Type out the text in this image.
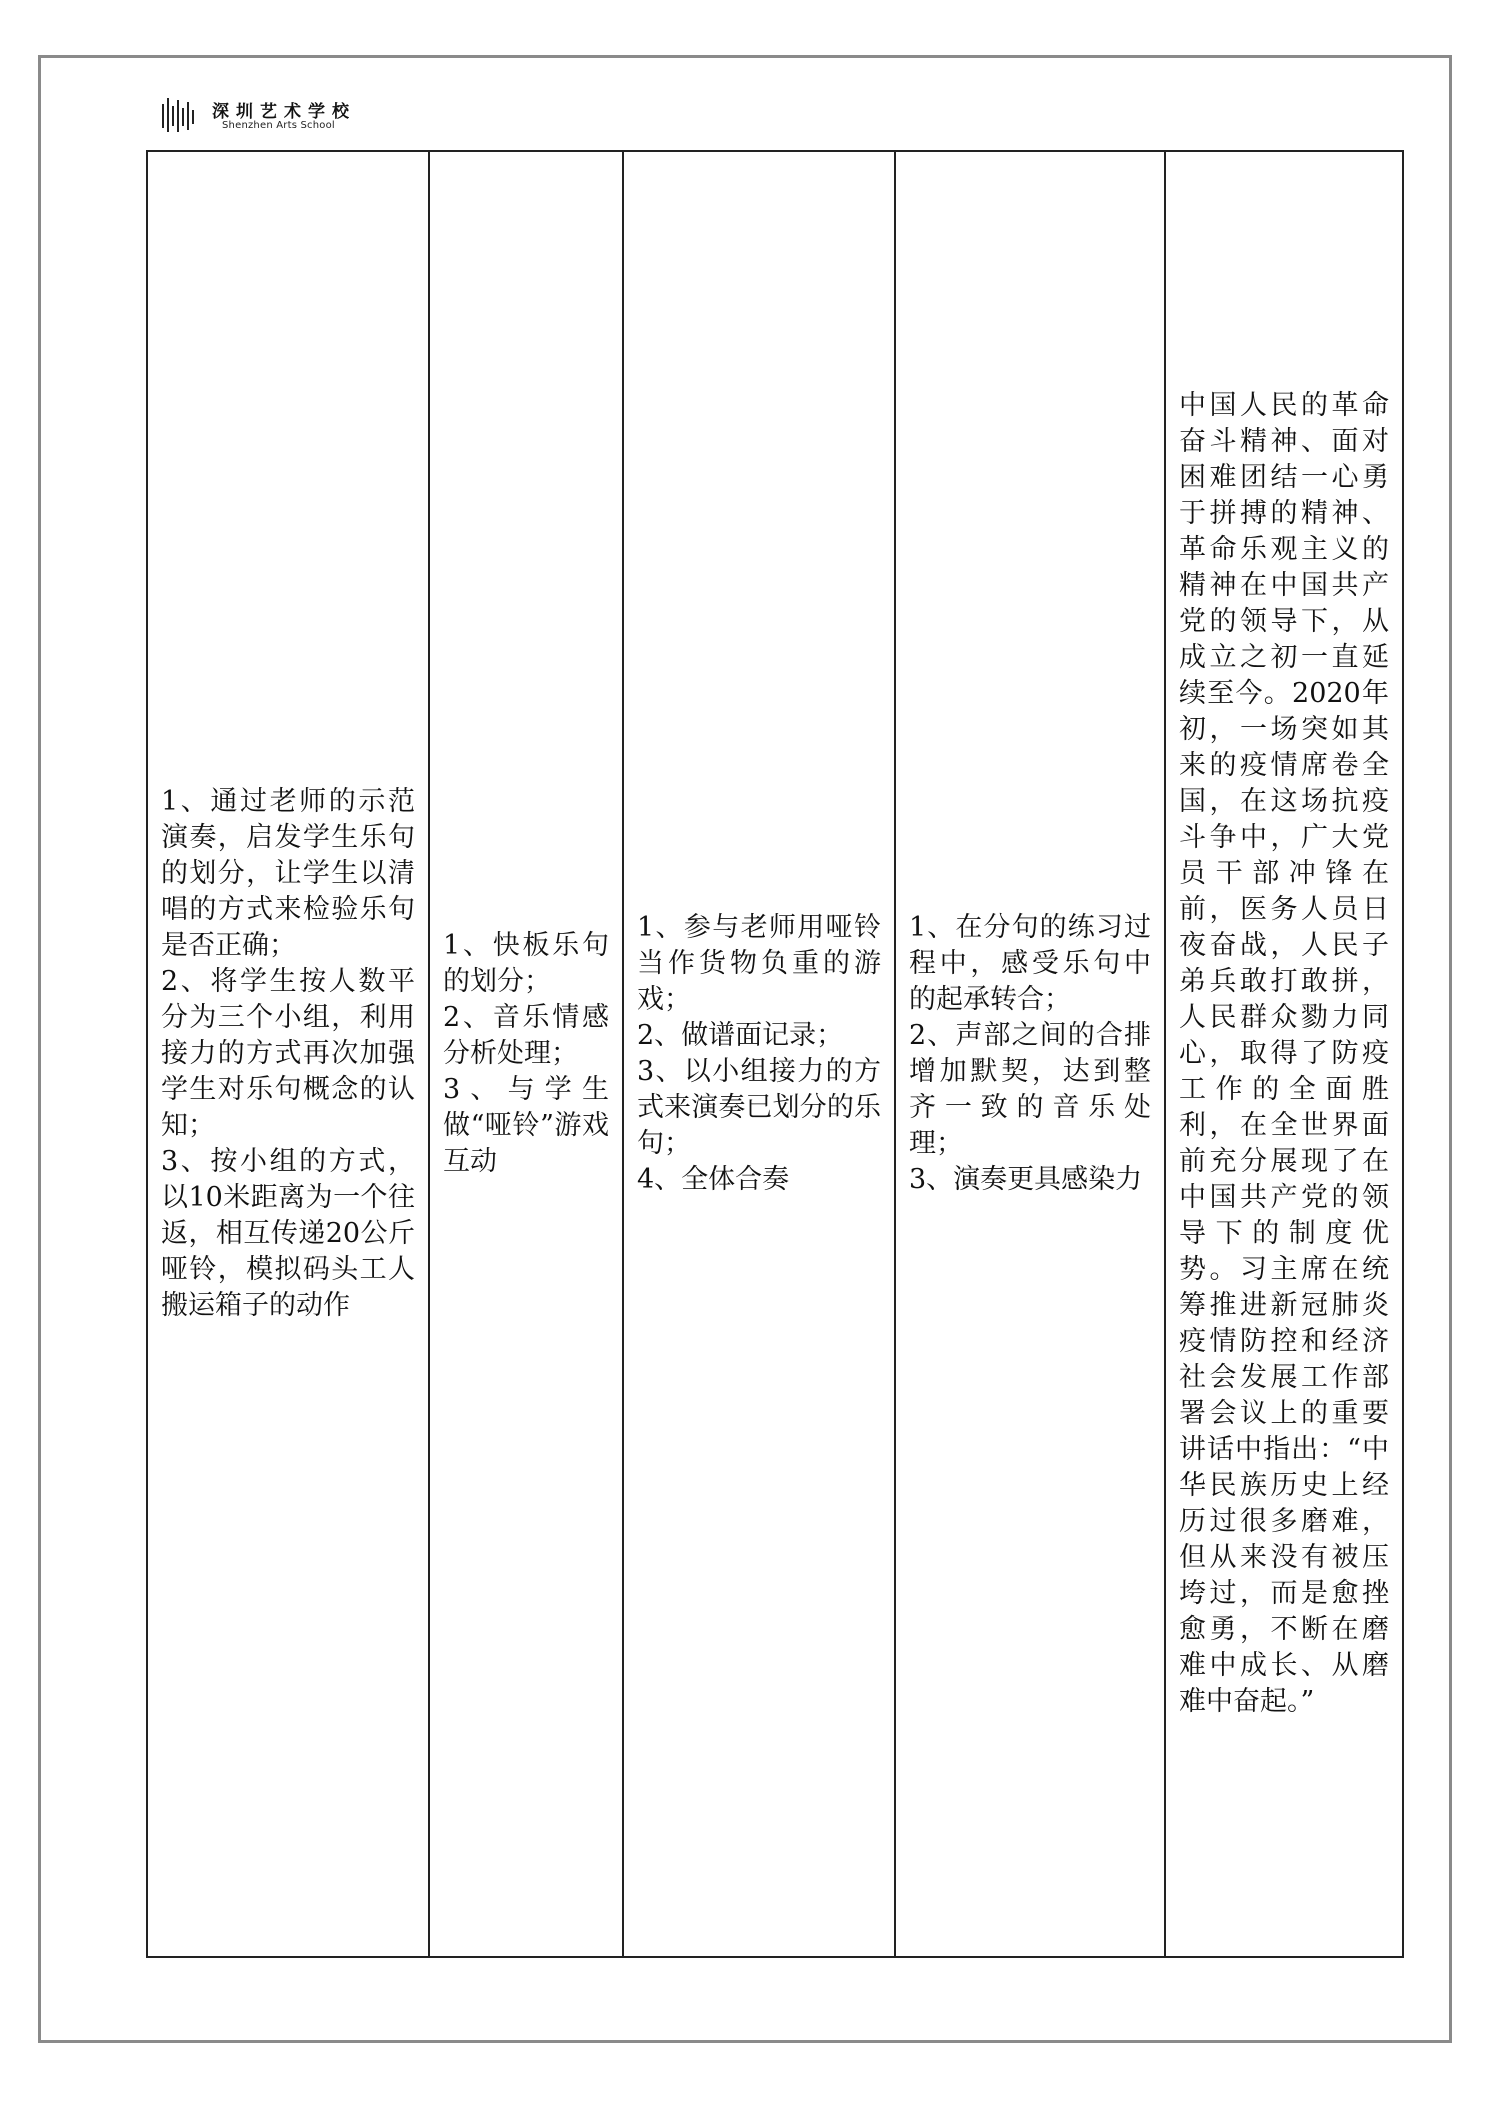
深圳艺术学校
Shenzhen Arts School
1、通过老师的示范演奏，启发学生乐句的划分，让学生以清唱的方式来检验乐句是否正确；
2、将学生按人数平分为三个小组，利用接力的方式再次加强学生对乐句概念的认知；
3、按小组的方式，以10米距离为一个往返，相互传递20公斤哑铃，模拟码头工人搬运箱子的动作

1、快板乐句的划分；
2、音乐情感分析处理；
3、与学生做“哑铃”游戏互动

1、参与老师用哑铃当作货物负重的游戏；
2、做谱面记录；
3、以小组接力的方式来演奏已划分的乐句；
4、全体合奏

1、在分句的练习过程中，感受乐句中的起承转合；
2、声部之间的合排增加默契，达到整齐一致的音乐处理；
3、演奏更具感染力

中国人民的革命奋斗精神、面对困难团结一心勇于拼搏的精神、革命乐观主义的精神在中国共产党的领导下，从成立之初一直延续至今。2020年初，一场突如其来的疫情席卷全国，在这场抗疫斗争中，广大党员干部冲锋在前，医务人员日夜奋战，人民子弟兵敢打敢拼，人民群众勠力同心，取得了防疫工作的全面胜利，在全世界面前充分展现了在中国共产党的领导下的制度优势。习主席在统筹推进新冠肺炎疫情防控和经济社会发展工作部署会议上的重要讲话中指出：“中华民族历史上经历过很多磨难，但从来没有被压垮过，而是愈挫愈勇，不断在磨难中成长、从磨难中奋起。”
